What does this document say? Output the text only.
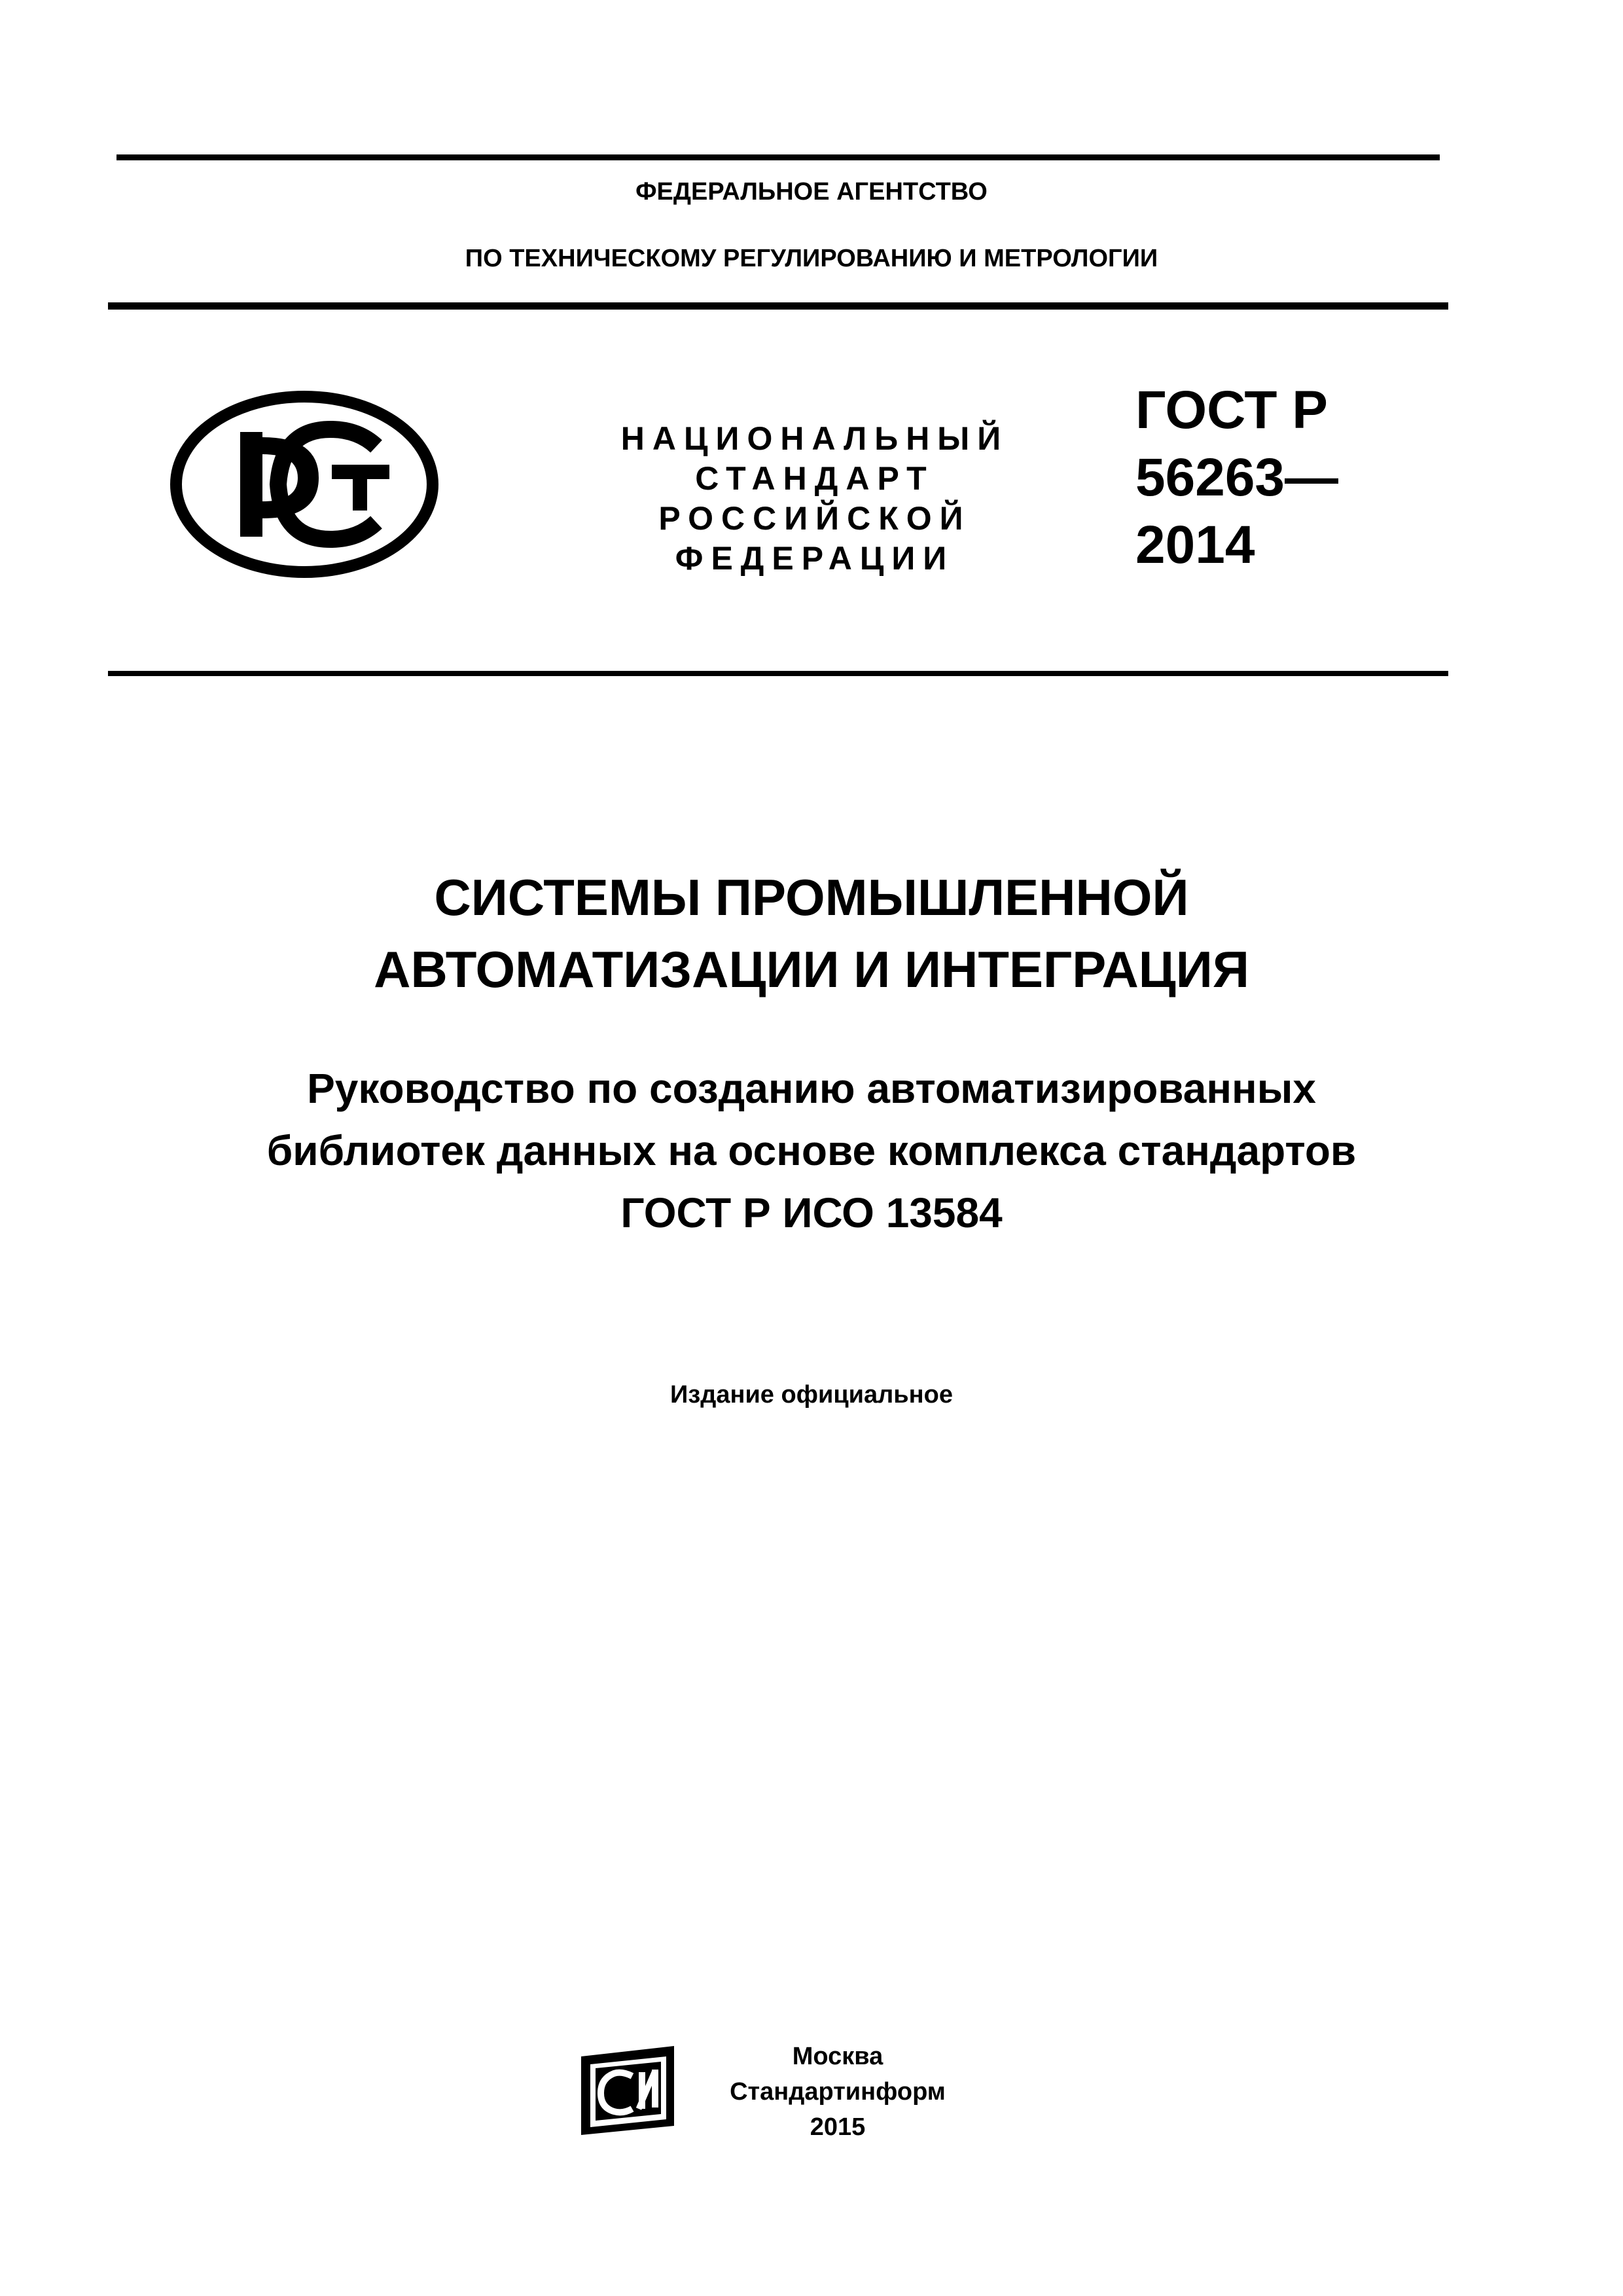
ФЕДЕРАЛЬНОЕ АГЕНТСТВО
ПО ТЕХНИЧЕСКОМУ РЕГУЛИРОВАНИЮ И МЕТРОЛОГИИ
НАЦИОНАЛЬНЫЙ
СТАНДАРТ
РОССИЙСКОЙ
ФЕДЕРАЦИИ
ГОСТ Р
56263—
2014
СИСТЕМЫ ПРОМЫШЛЕННОЙ
АВТОМАТИЗАЦИИ И ИНТЕГРАЦИЯ
Руководство по созданию автоматизированных
библиотек данных на основе комплекса стандартов
ГОСТ Р ИСО 13584
Издание официальное
Москва
Стандартинформ
2015
